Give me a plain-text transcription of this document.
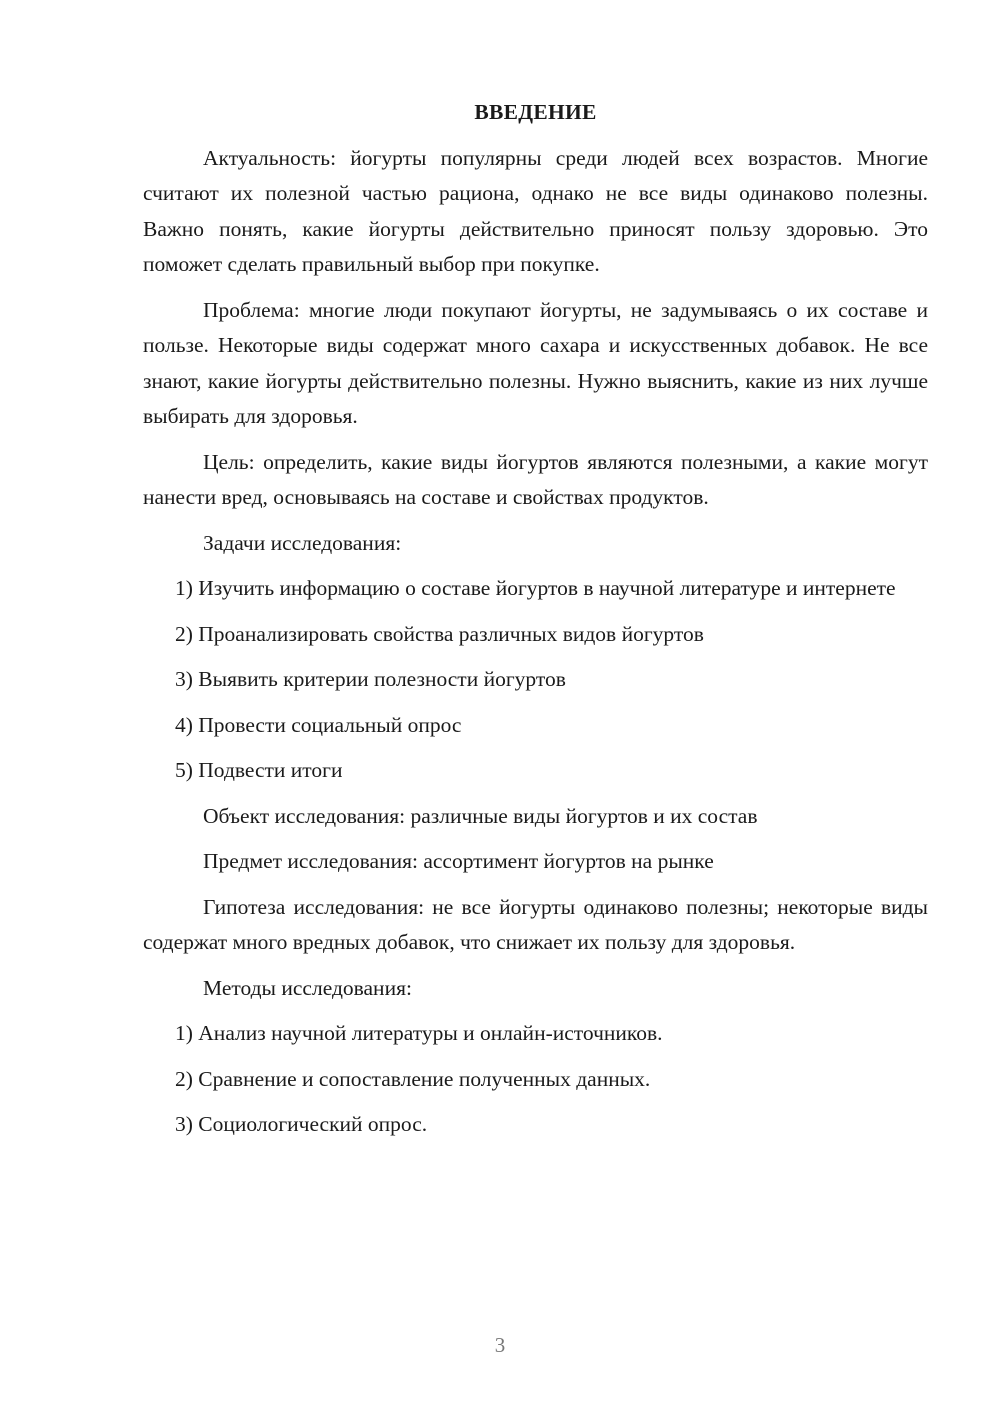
ВВЕДЕНИЕ

Актуальность: йогурты популярны среди людей всех возрастов. Многие считают их полезной частью рациона, однако не все виды одинаково полезны. Важно понять, какие йогурты действительно приносят пользу здоровью. Это поможет сделать правильный выбор при покупке.

Проблема: многие люди покупают йогурты, не задумываясь о их составе и пользе. Некоторые виды содержат много сахара и искусственных добавок. Не все знают, какие йогурты действительно полезны. Нужно выяснить, какие из них лучше выбирать для здоровья.

Цель: определить, какие виды йогуртов являются полезными, а какие могут нанести вред, основываясь на составе и свойствах продуктов.

Задачи исследования:

1) Изучить информацию о составе йогуртов в научной литературе и интернете

2) Проанализировать свойства различных видов йогуртов

3) Выявить критерии полезности йогуртов

4) Провести социальный опрос

5) Подвести итоги

Объект исследования: различные виды йогуртов и их состав

Предмет исследования: ассортимент йогуртов на рынке

Гипотеза исследования: не все йогурты одинаково полезны; некоторые виды содержат много вредных добавок, что снижает их пользу для здоровья.

Методы исследования:

1) Анализ научной литературы и онлайн-источников.

2) Сравнение и сопоставление полученных данных.

3) Социологический опрос.

3
